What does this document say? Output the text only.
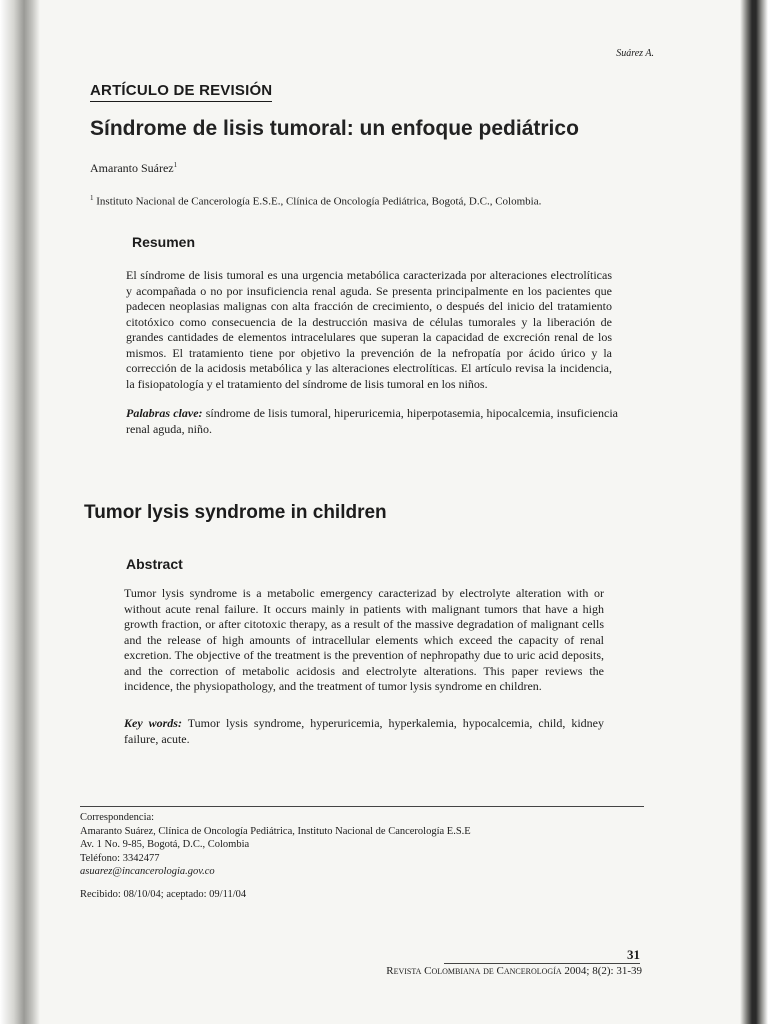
Suárez A.
ARTÍCULO DE REVISIÓN
Síndrome de lisis tumoral: un enfoque pediátrico
Amaranto Suárez$^1$
$^1$ Instituto Nacional de Cancerología E.S.E., Clínica de Oncología Pediátrica, Bogotá, D.C., Colombia.
Resumen
El síndrome de lisis tumoral es una urgencia metabólica caracterizada por alteraciones electrolíticas y acompañada o no por insuficiencia renal aguda. Se presenta principalmente en los pacientes que padecen neoplasias malignas con alta fracción de crecimiento, o después del inicio del tratamiento citotóxico como consecuencia de la destrucción masiva de células tumorales y la liberación de grandes cantidades de elementos intracelulares que superan la capacidad de excreción renal de los mismos. El tratamiento tiene por objetivo la prevención de la nefropatía por ácido úrico y la corrección de la acidosis metabólica y las alteraciones electrolíticas. El artículo revisa la incidencia, la fisiopatología y el tratamiento del síndrome de lisis tumoral en los niños.
Palabras clave: síndrome de lisis tumoral, hiperuricemia, hiperpotasemia, hipocalcemia, insuficiencia renal aguda, niño.
Tumor lysis syndrome in children
Abstract
Tumor lysis syndrome is a metabolic emergency caracterizad by electrolyte alteration with or without acute renal failure. It occurs mainly in patients with malignant tumors that have a high growth fraction, or after citotoxic therapy, as a result of the massive degradation of malignant cells and the release of high amounts of intracellular elements which exceed the capacity of renal excretion. The objective of the treatment is the prevention of nephropathy due to uric acid deposits, and the correction of metabolic acidosis and electrolyte alterations. This paper reviews the incidence, the physiopathology, and the treatment of tumor lysis syndrome en children.
Key words: Tumor lysis syndrome, hyperuricemia, hyperkalemia, hypocalcemia, child, kidney failure, acute.
Correspondencia:
Amaranto Suárez, Clínica de Oncología Pediátrica, Instituto Nacional de Cancerología E.S.E
Av. 1 No. 9-85, Bogotá, D.C., Colombia
Teléfono: 3342477
asuarez@incancerologia.gov.co
Recibido: 08/10/04; aceptado: 09/11/04
31
Revista Colombiana de Cancerología 2004; 8(2): 31-39
